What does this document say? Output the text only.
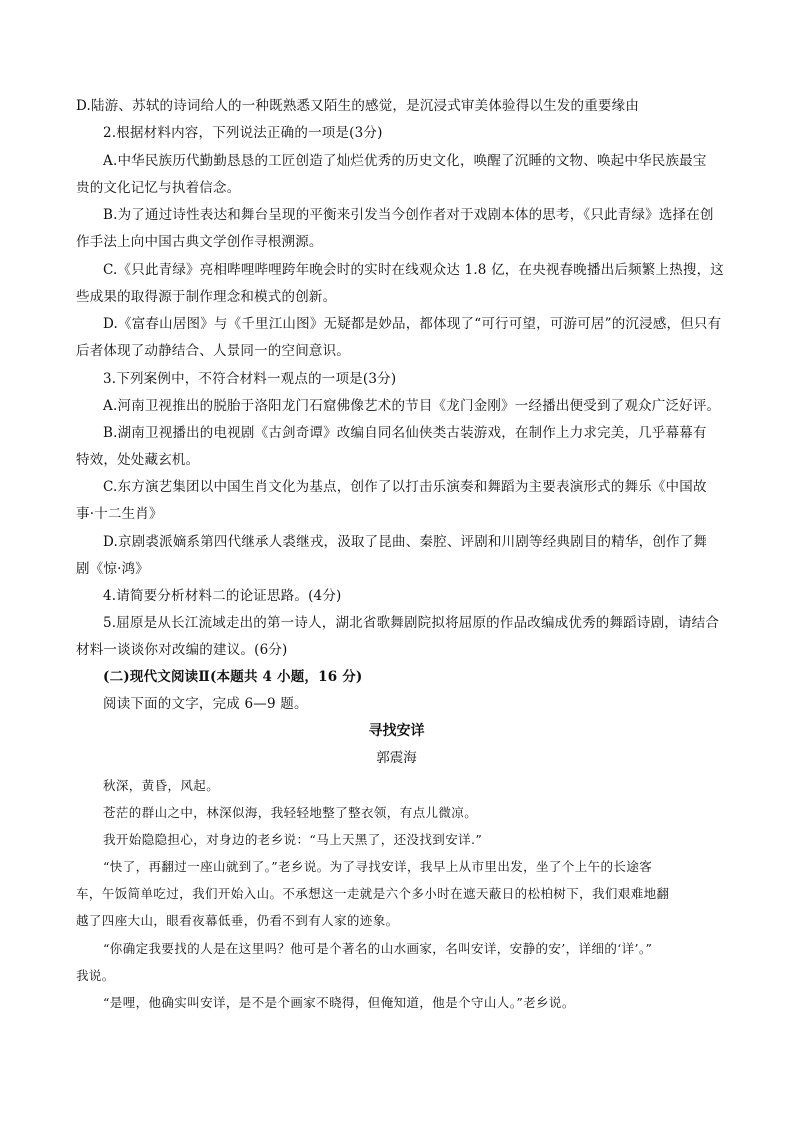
D.陆游、苏轼的诗词给人的一种既熟悉又陌生的感觉，是沉浸式审美体验得以生发的重要缘由
2.根据材料内容，下列说法正确的一项是(3分)
A.中华民族历代勤勤恳恳的工匠创造了灿烂优秀的历史文化，唤醒了沉睡的文物、唤起中华民族最宝
贵的文化记忆与执着信念。
B.为了通过诗性表达和舞台呈现的平衡来引发当今创作者对于戏剧本体的思考，《只此青绿》选择在创
作手法上向中国古典文学创作寻根溯源。
C.《只此青绿》亮相哔哩哔哩跨年晚会时的实时在线观众达 1.8 亿，在央视春晚播出后频繁上热搜，这
些成果的取得源于制作理念和模式的创新。
D.《富春山居图》与《千里江山图》无疑都是妙品，都体现了“可行可望，可游可居”的沉浸感，但只有
后者体现了动静结合、人景同一的空间意识。
3.下列案例中，不符合材料一观点的一项是(3分)
A.河南卫视推出的脱胎于洛阳龙门石窟佛像艺术的节目《龙门金刚》一经播出便受到了观众广泛好评。
B.湖南卫视播出的电视剧《古剑奇谭》改编自同名仙侠类古装游戏，在制作上力求完美，几乎幕幕有
特效，处处藏玄机。
C.东方演艺集团以中国生肖文化为基点，创作了以打击乐演奏和舞蹈为主要表演形式的舞乐《中国故
事·十二生肖》
D.京剧裘派嫡系第四代继承人裘继戎，汲取了昆曲、秦腔、评剧和川剧等经典剧目的精华，创作了舞
剧《惊·鸿》
4.请简要分析材料二的论证思路。(4分)
5.屈原是从长江流域走出的第一诗人，湖北省歌舞剧院拟将屈原的作品改编成优秀的舞蹈诗剧，请结合
材料一谈谈你对改编的建议。(6分)
(二)现代文阅读Ⅱ(本题共 4 小题，16 分)
阅读下面的文字，完成 6—9 题。
寻找安详
郭震海
秋深，黄昏，风起。
苍茫的群山之中，林深似海，我轻轻地整了整衣领，有点儿微凉。
我开始隐隐担心，对身边的老乡说：“马上天黑了，还没找到安详.”
“快了，再翻过一座山就到了。”老乡说。为了寻找安详，我早上从市里出发，坐了个上午的长途客
车，午饭简单吃过，我们开始入山。不承想这一走就是六个多小时在遮天蔽日的松柏树下，我们艰难地翻
越了四座大山，眼看夜幕低垂，仍看不到有人家的迹象。
“你确定我要找的人是在这里吗？他可是个著名的山水画家，名叫安详，安静的安’，详细的‘详’。”
我说。
“是哩，他确实叫安详，是不是个画家不晓得，但俺知道，他是个守山人。”老乡说。
